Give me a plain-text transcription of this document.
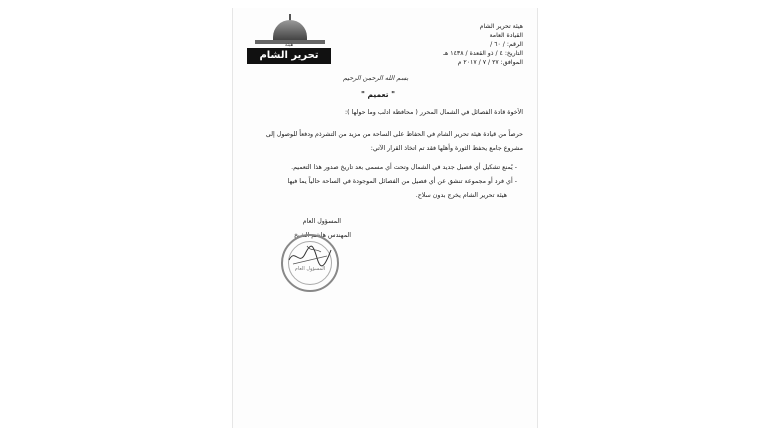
هيئة
تحرير الشام
هيئة تحرير الشام
القيادة العامة
الرقم: / ٦٠ /
التاريخ: ٤ / ذو القعدة / ١٤٣٨ هـ
الموافق: ٢٧ / ٧ / ٢٠١٧ م
بسم الله الرحمن الرحيم
" تعميم "
الأخوة قادة الفصائل في الشمال المحرر ( محافظة ادلب وما حولها ):
حرصاً من قيادة هيئة تحرير الشام في الحفاظ على الساحة من مزيد من التشرذم ودفعاً للوصول إلى
مشروع جامع يحفظ الثورة وأهلها فقد تم اتخاذ القرار الآتي:
- يُمنع تشكيل أي فصيل جديد في الشمال وتحت أي مسمى بعد تاريخ صدور هذا التعميم.
- أي فرد أو مجموعة تنشق عن أي فصيل من الفصائل الموجودة في الساحة حالياً يما فيها
هيئة تحرير الشام يخرج بدون سلاح.
المسؤول العام
المهندس هاشم الشيخ
المسؤول العام
